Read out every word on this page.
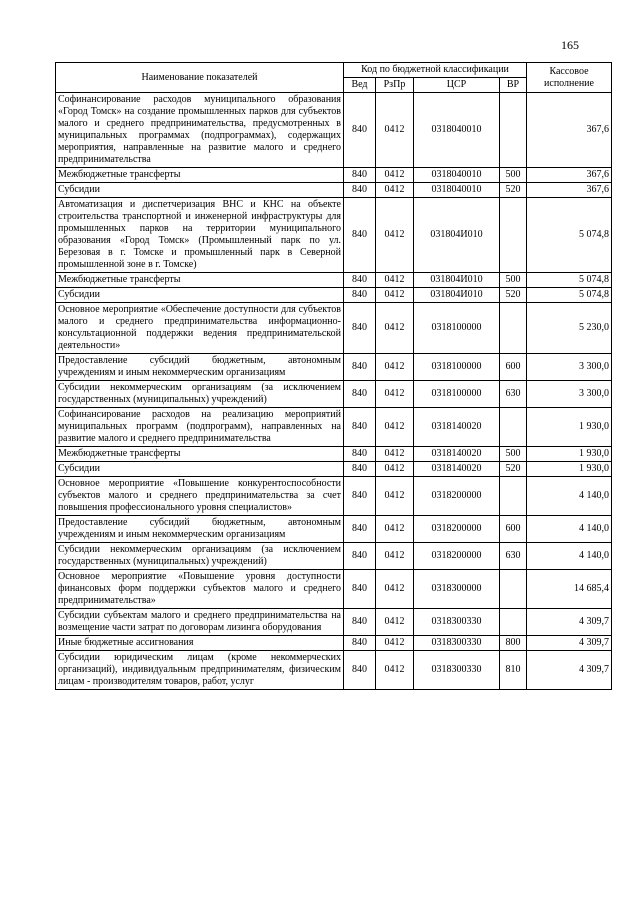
165
Наименование показателей	Код по бюджетной классификации				Кассовое исполнение
	Вед	РзПр	ЦСР	ВР	
Софинансирование расходов муниципального образования «Город Томск» на создание промышленных парков для субъектов малого и среднего предпринимательства, предусмотренных в муниципальных программах (подпрограммах), содержащих мероприятия, направленные на развитие малого и среднего предпринимательства	840	0412	0318040010		367,6
Межбюджетные трансферты	840	0412	0318040010	500	367,6
Субсидии	840	0412	0318040010	520	367,6
Автоматизация и диспетчеризация ВНС и КНС на объекте строительства транспортной и инженерной инфраструктуры для промышленных парков на территории муниципального образования «Город Томск» (Промышленный парк по ул. Березовая в г. Томске и промышленный парк в Северной промышленной зоне в г. Томске)	840	0412	031804И010		5 074,8
Межбюджетные трансферты	840	0412	031804И010	500	5 074,8
Субсидии	840	0412	031804И010	520	5 074,8
Основное мероприятие «Обеспечение доступности для субъектов малого и среднего предпринимательства информационно-консультационной поддержки ведения предпринимательской деятельности»	840	0412	0318100000		5 230,0
Предоставление субсидий бюджетным, автономным учреждениям и иным некоммерческим организациям	840	0412	0318100000	600	3 300,0
Субсидии некоммерческим организациям (за исключением государственных (муниципальных) учреждений)	840	0412	0318100000	630	3 300,0
Софинансирование расходов на реализацию мероприятий муниципальных программ (подпрограмм), направленных на развитие малого и среднего предпринимательства	840	0412	0318140020		1 930,0
Межбюджетные трансферты	840	0412	0318140020	500	1 930,0
Субсидии	840	0412	0318140020	520	1 930,0
Основное мероприятие «Повышение конкурентоспособности субъектов малого и среднего предпринимательства за счет повышения профессионального уровня специалистов»	840	0412	0318200000		4 140,0
Предоставление субсидий бюджетным, автономным учреждениям и иным некоммерческим организациям	840	0412	0318200000	600	4 140,0
Субсидии некоммерческим организациям (за исключением государственных (муниципальных) учреждений)	840	0412	0318200000	630	4 140,0
Основное мероприятие «Повышение уровня доступности финансовых форм поддержки субъектов малого и среднего предпринимательства»	840	0412	0318300000		14 685,4
Субсидии субъектам малого и среднего предпринимательства на возмещение части затрат по договорам лизинга оборудования	840	0412	0318300330		4 309,7
Иные бюджетные ассигнования	840	0412	0318300330	800	4 309,7
Субсидии юридическим лицам (кроме некоммерческих организаций), индивидуальным предпринимателям, физическим лицам - производителям товаров, работ, услуг	840	0412	0318300330	810	4 309,7
